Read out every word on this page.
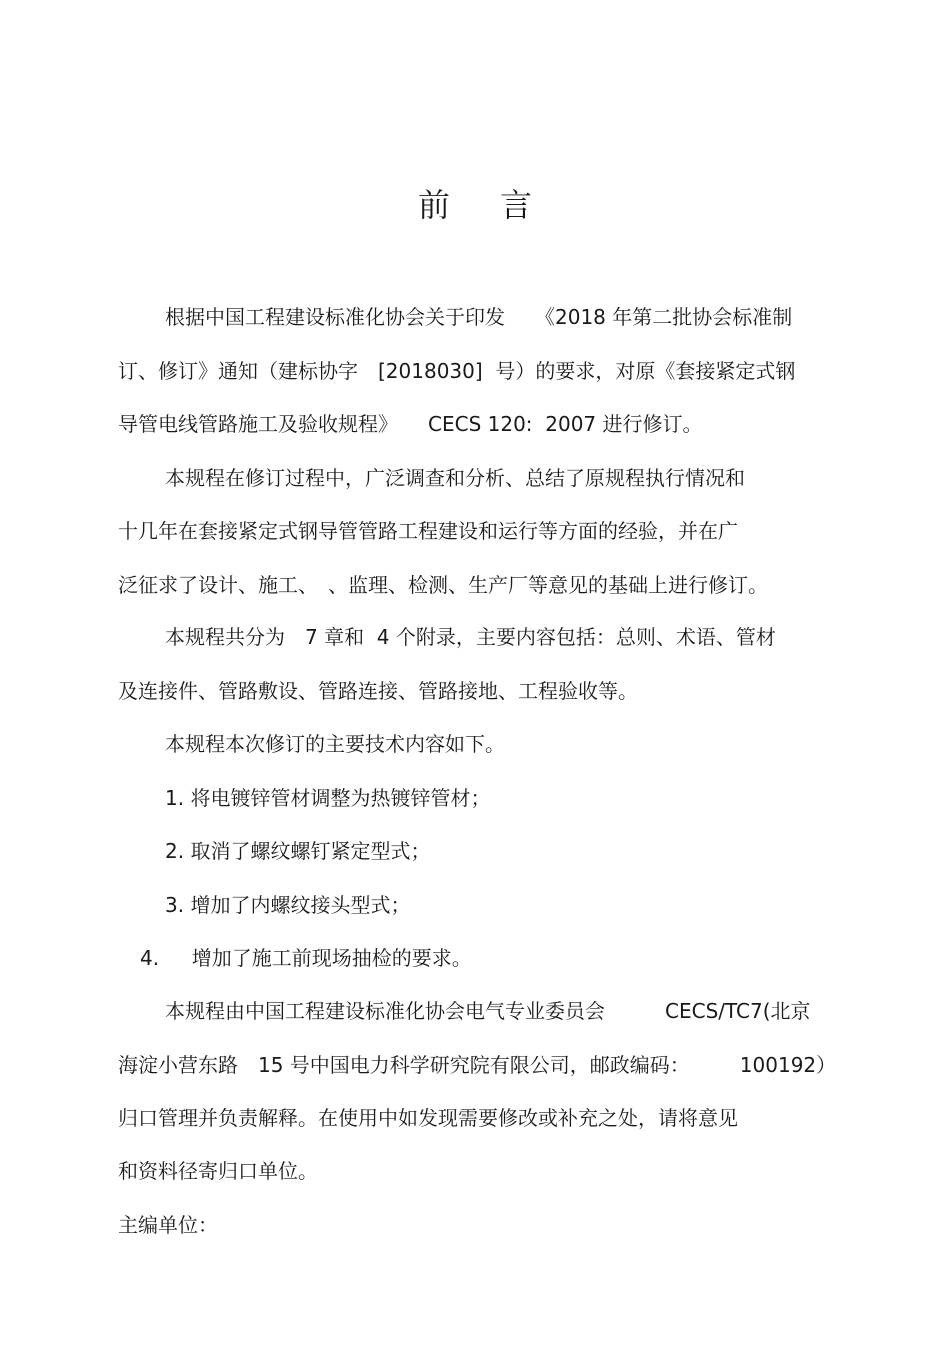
前 言
根据中国工程建设标准化协会关于印发　　《2018 年第二批协会标准制
订、修订》通知（建标协字　[2018030]  号）的要求，对原《套接紧定式钢
导管电线管路施工及验收规程》　　CECS 120:  2007 进行修订。
本规程在修订过程中，广泛调查和分析、总结了原规程执行情况和
十几年在套接紧定式钢导管管路工程建设和运行等方面的经验，并在广
泛征求了设计、施工、　、监理、检测、生产厂等意见的基础上进行修订。
本规程共分为　7 章和  4 个附录，主要内容包括：总则、术语、管材
及连接件、管路敷设、管路连接、管路接地、工程验收等。
本规程本次修订的主要技术内容如下。
1. 将电镀锌管材调整为热镀锌管材；
2. 取消了螺纹螺钉紧定型式；
3. 增加了内螺纹接头型式；
4.　  增加了施工前现场抽检的要求。
本规程由中国工程建设标准化协会电气专业委员会　　　CECS/TC7(北京
海淀小营东路　15 号中国电力科学研究院有限公司，邮政编码：　　　100192）
归口管理并负责解释。在使用中如发现需要修改或补充之处，请将意见
和资料径寄归口单位。
主编单位：
